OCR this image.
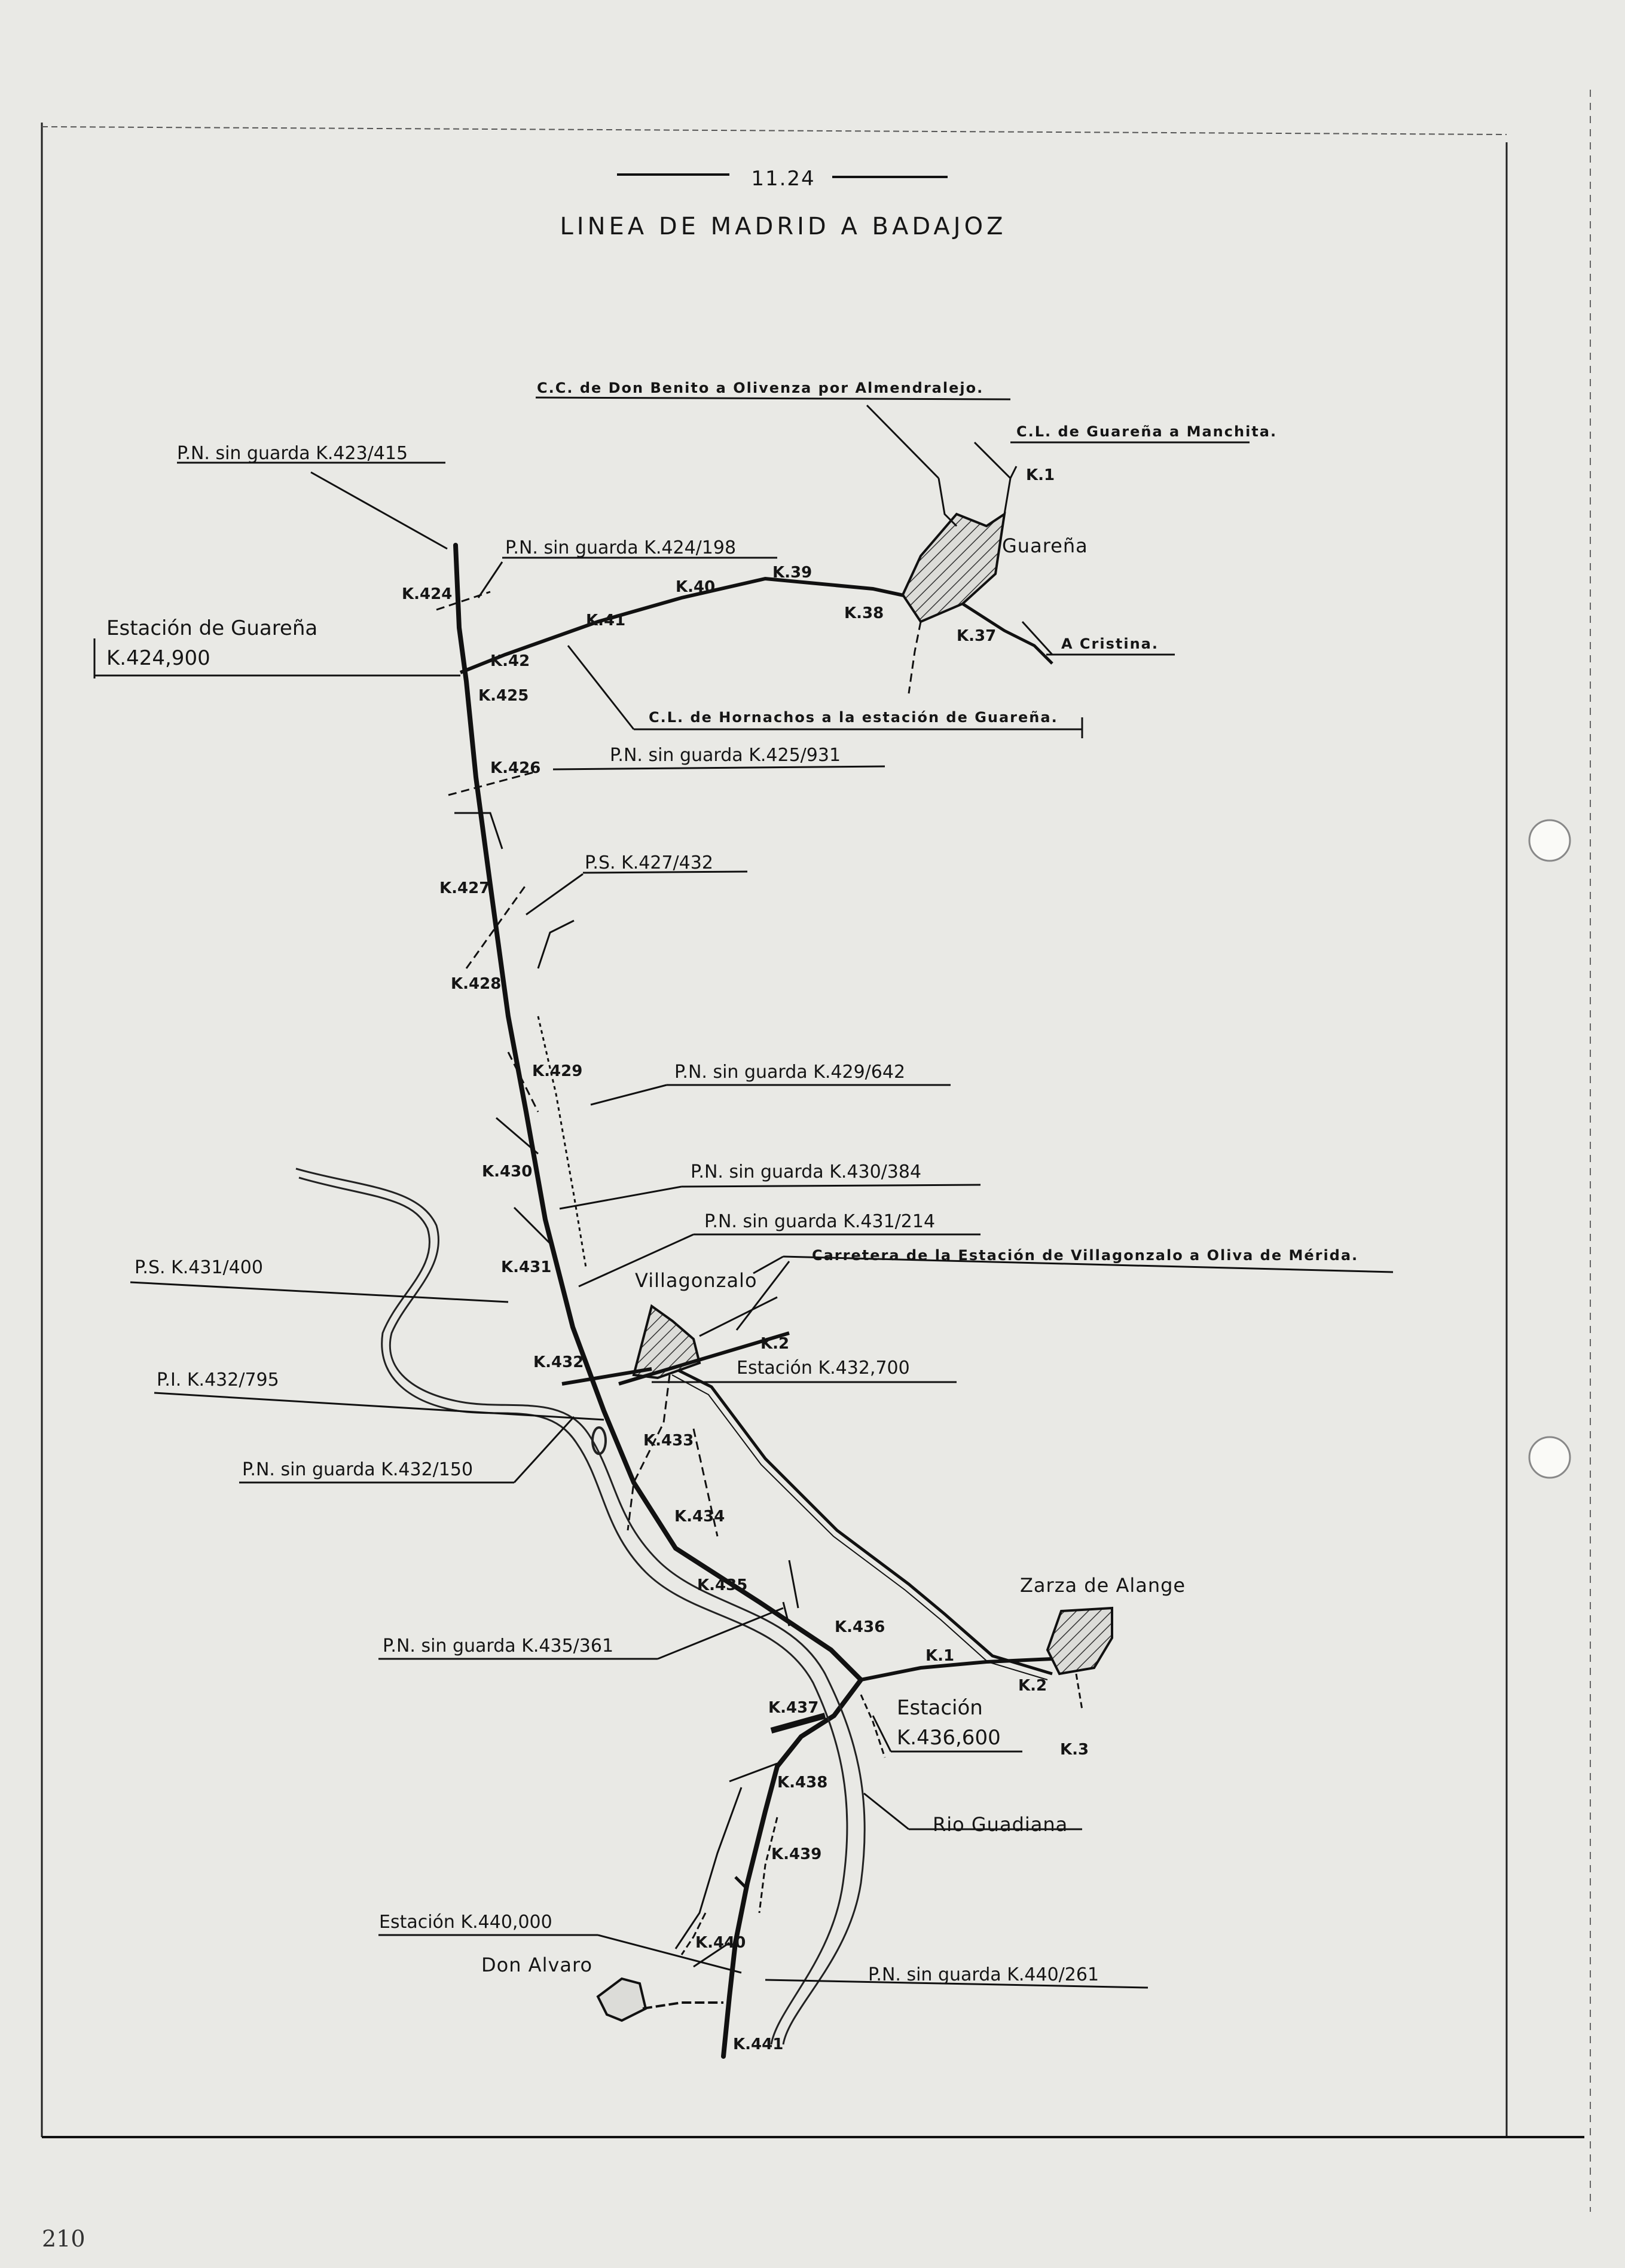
11.24
LINEA DE MADRID A BADAJOZ
P.N. sin guarda K.423/415
P.N. sin guarda K.424/198
Estación de Guareña
K.424,900
P.N. sin guarda K.425/931
P.S. K.427/432
P.N. sin guarda K.429/642
P.N. sin guarda K.430/384
P.N. sin guarda K.431/214
P.S. K.431/400
Estación K.432,700
P.I. K.432/795
P.N. sin guarda K.432/150
P.N. sin guarda K.435/361
Estación
K.436,600
Estación K.440,000
P.N. sin guarda K.440/261
C.C. de Don Benito a Olivenza por Almendralejo.
C.L. de Guareña a Manchita.
A Cristina.
C.L. de Hornachos a la estación de Guareña.
Carretera de la Estación de Villagonzalo a Oliva de Mérida.
Guareña
Villagonzalo
Zarza de Alange
Don Alvaro
Rio Guadiana
K.424
K.425
K.426
K.427
K.428
K.429
K.430
K.431
K.432
K.433
K.434
K.435
K.436
K.437
K.438
K.439
K.440
K.441
K.1
K.38
K.39
K.40
K.41
K.42
K.37
K.2
K.1
K.2
K.3
210
